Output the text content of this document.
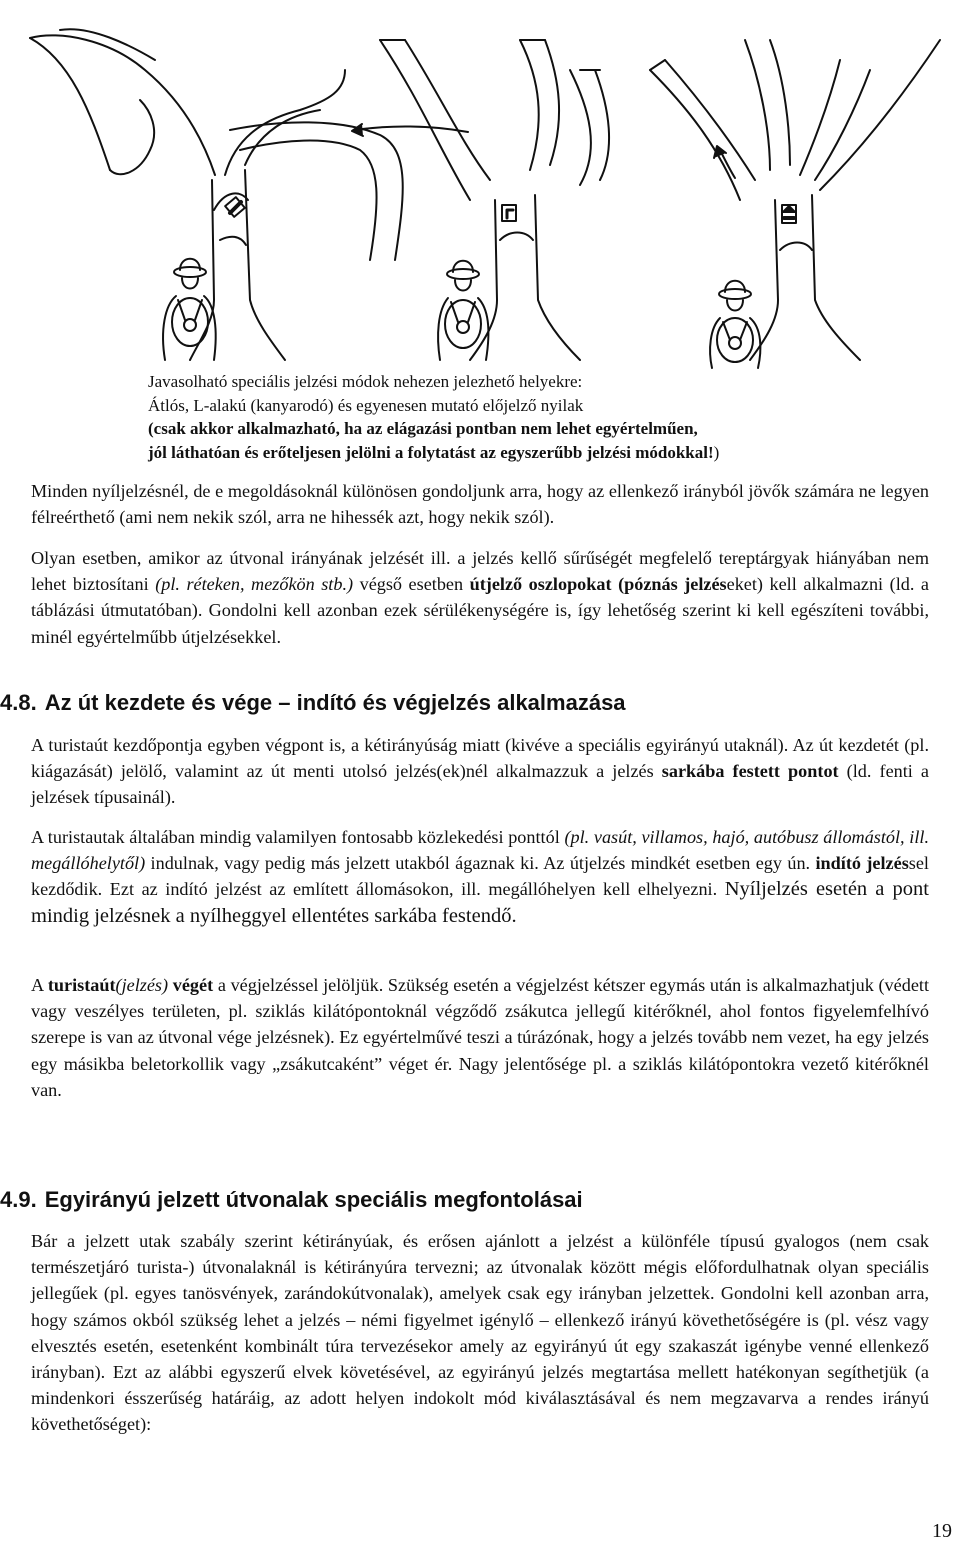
Javasolható speciális jelzési módok nehezen jelezhető helyekre:
Átlós, L-alakú (kanyarodó) és egyenesen mutató előjelző nyilak
(csak akkor alkalmazható, ha az elágazási pontban nem lehet egyértelműen,
jól láthatóan és erőteljesen jelölni a folytatást az egyszerűbb jelzési módokkal!)

Minden nyíljelzésnél, de e megoldásoknál különösen gondoljunk arra, hogy az ellenkező irányból jövők számára ne legyen félreérthető (ami nem nekik szól, arra ne hihessék azt, hogy nekik szól).

Olyan esetben, amikor az útvonal irányának jelzését ill. a jelzés kellő sűrűségét megfelelő tereptárgyak hiányában nem lehet biztosítani (pl. réteken, mezőkön stb.) végső esetben útjelző oszlopokat (póznás jelzéseket) kell alkalmazni (ld. a táblázási útmutatóban). Gondolni kell azonban ezek sérülékenységére is, így lehetőség szerint ki kell egészíteni további, minél egyértelműbb útjelzésekkel.

4.8. Az út kezdete és vége – indító és végjelzés alkalmazása

A turistaút kezdőpontja egyben végpont is, a kétirányúság miatt (kivéve a speciális egyirányú utaknál). Az út kezdetét (pl. kiágazását) jelölő, valamint az út menti utolsó jelzés(ek)nél alkalmazzuk a jelzés sarkába festett pontot (ld. fenti a jelzések típusainál).

A turistautak általában mindig valamilyen fontosabb közlekedési ponttól (pl. vasút, villamos, hajó, autóbusz állomástól, ill. megállóhelytől) indulnak, vagy pedig más jelzett utakból ágaznak ki. Az útjelzés mindkét esetben egy ún. indító jelzéssel kezdődik. Ezt az indító jelzést az említett állomásokon, ill. megállóhelyen kell elhelyezni. Nyíljelzés esetén a pont mindig jelzésnek a nyílheggyel ellentétes sarkába festendő.

A turistaút(jelzés) végét a végjelzéssel jelöljük. Szükség esetén a végjelzést kétszer egymás után is alkalmazhatjuk (védett vagy veszélyes területen, pl. sziklás kilátópontoknál végződő zsákutca jellegű kitérőknél, ahol fontos figyelemfelhívó szerepe is van az útvonal vége jelzésnek). Ez egyértelművé teszi a túrázónak, hogy a jelzés tovább nem vezet, ha egy jelzés egy másikba beletorkollik vagy „zsákutcaként” véget ér. Nagy jelentősége pl. a sziklás kilátópontokra vezető kitérőknél van.

4.9. Egyirányú jelzett útvonalak speciális megfontolásai

Bár a jelzett utak szabály szerint kétirányúak, és erősen ajánlott a jelzést a különféle típusú gyalogos (nem csak természetjáró turista-) útvonalaknál is kétirányúra tervezni; az útvonalak között mégis előfordulhatnak olyan speciális jellegűek (pl. egyes tanösvények, zarándokútvonalak), amelyek csak egy irányban jelzettek. Gondolni kell azonban arra, hogy számos okból szükség lehet a jelzés – némi figyelmet igénylő – ellenkező irányú követhetőségére is (pl. vész vagy elvesztés esetén, esetenként kombinált túra tervezésekor amely az egyirányú út egy szakaszát igénybe venné ellenkező irányban). Ezt az alábbi egyszerű elvek követésével, az egyirányú jelzés megtartása mellett hatékonyan segíthetjük (a mindenkori ésszerűség határáig, az adott helyen indokolt mód kiválasztásával és nem megzavarva a rendes irányú követhetőséget):

19
